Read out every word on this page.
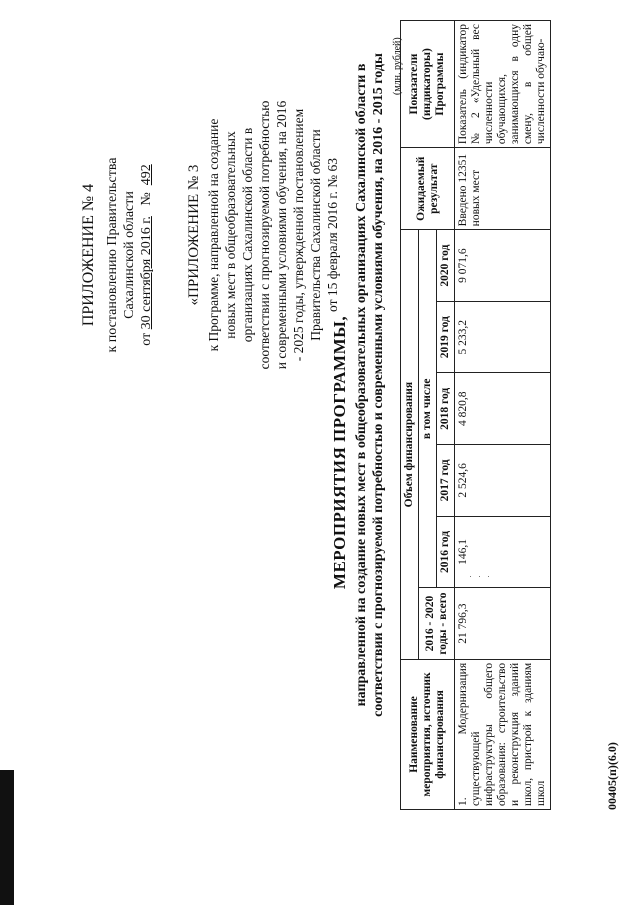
ПРИЛОЖЕНИЕ № 4 к постановлению Правительства Сахалинской области
от 30 сентября 2016 г.   №  492 «ПРИЛОЖЕНИЕ № 3 к Программе, направленной на создание новых мест в общеобразовательных организациях Сахалинской области в соответствии с прогнозируемой потребностью и современными условиями обучения, на 2016 - 2025 годы, утвержденной постановлением Правительства Сахалинской области от 15 февраля 2016 г. № 63
МЕРОПРИЯТИЯ ПРОГРАММЫ, направленной на создание новых мест в общеобразовательных организациях Сахалинской области в соответствии с прогнозируемой потребностью и современными условиями обучения, на 2016 - 2015 годы (млн. рублей)
Наименование мероприятия, источник финансирования	Объем финансирования						Ожидаемый результат	Показатели (индикаторы) Программы
	2016 - 2020 годы - всего	в том числе						
		2016 год	2017 год	2018 год	2019 год	2020 год		
1. Модернизация существующей инфраструктуры общего образования: строительство и реконструкция зданий школ, пристрой к зданиям школ	21 796,3	146,1	2 524,6	4 820,8	5 233,2	9 071,6	Введено 12351 новых мест	Показатель (индикатор № 2 «Удельный вес численности обучающихся, занимающихся в одну смену, в общей численности обучаю-
00405(п)(6.0)
